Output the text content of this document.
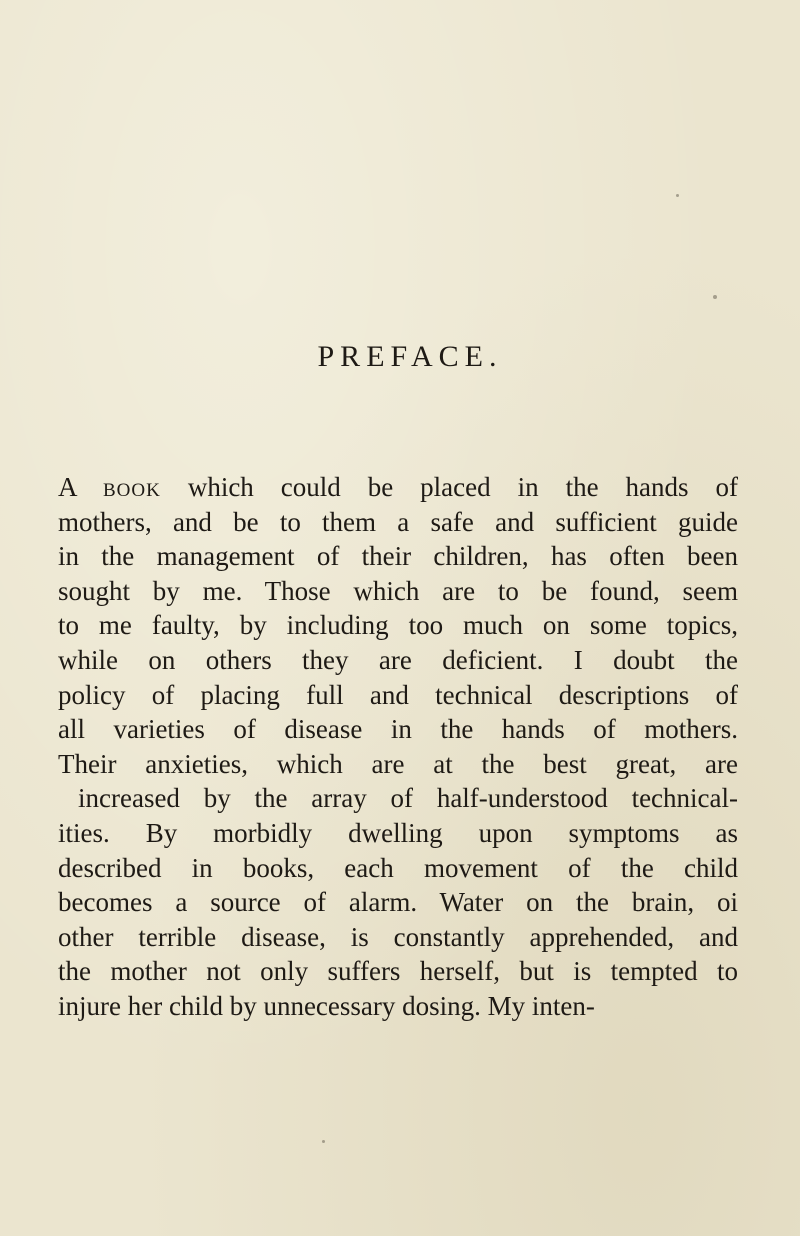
PREFACE.
A book which could be placed in the hands of
mothers, and be to them a safe and sufficient guide
in the management of their children, has often been
sought by me. Those which are to be found, seem
to me faulty, by including too much on some topics,
while on others they are deficient. I doubt the
policy of placing full and technical descriptions of
all varieties of disease in the hands of mothers.
Their anxieties, which are at the best great, are
increased by the array of half-understood technical-
ities. By morbidly dwelling upon symptoms as
described in books, each movement of the child
becomes a source of alarm. Water on the brain, oi
other terrible disease, is constantly apprehended, and
the mother not only suffers herself, but is tempted to
injure her child by unnecessary dosing. My inten-
